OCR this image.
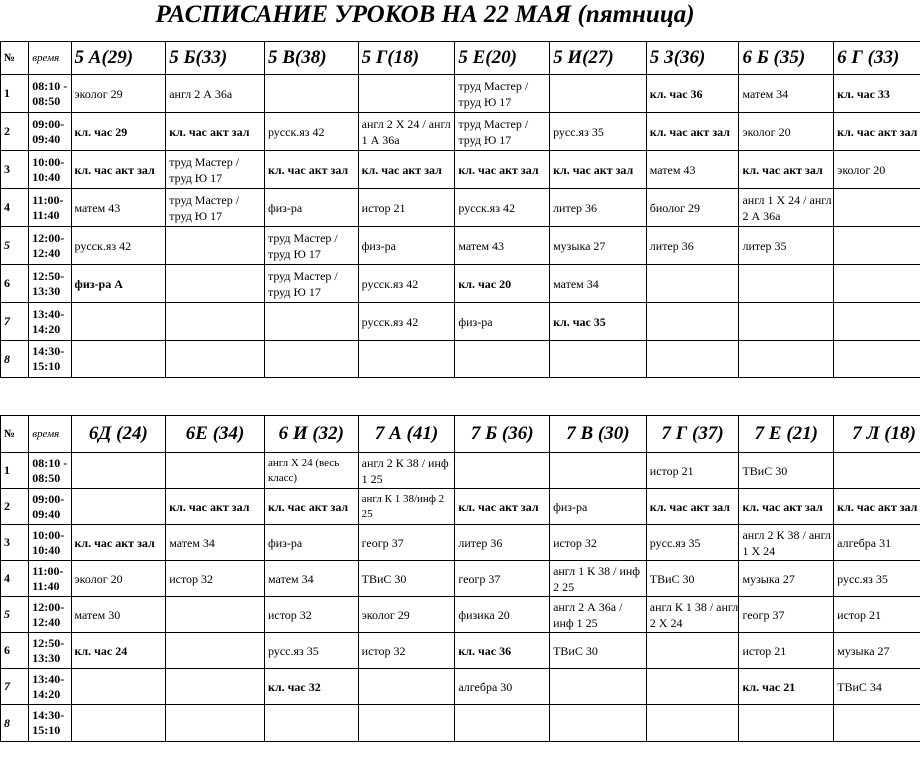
РАСПИСАНИЕ УРОКОВ НА 22 МАЯ (пятница)
№	время	5 А(29)	5 Б(33)	5 В(38)	5 Г(18)	5 Е(20)	5 И(27)	5 З(36)	6 Б (35)	6 Г (33)
1	08:10 - 08:50	эколог 29	англ 2 А 36а			труд Мастер / труд Ю 17		кл. час 36	матем 34	кл. час 33
2	09:00- 09:40	кл. час 29	кл. час акт зал	русск.яз 42	англ 2 Х 24 / англ 1 А 36а	труд Мастер / труд Ю 17	русс.яз 35	кл. час акт зал	эколог 20	кл. час акт зал
3	10:00- 10:40	кл. час акт зал	труд Мастер / труд Ю 17	кл. час акт зал	кл. час акт зал	кл. час акт зал	кл. час акт зал	матем 43	кл. час акт зал	эколог 20
4	11:00- 11:40	матем 43	труд Мастер / труд Ю 17	физ-ра	истор 21	русск.яз 42	литер 36	биолог 29	англ 1 Х 24 / англ 2 А 36а	
5	12:00- 12:40	русск.яз 42		труд Мастер / труд Ю 17	физ-ра	матем 43	музыка 27	литер 36	литер 35	
6	12:50- 13:30	физ-ра А		труд Мастер / труд Ю 17	русск.яз 42	кл. час 20	матем 34			
7	13:40- 14:20				русск.яз 42	физ-ра	кл. час 35			
8	14:30- 15:10									
№	время	6Д (24)	6Е (34)	6 И (32)	7 А (41)	7 Б (36)	7 В (30)	7 Г (37)	7 Е (21)	7 Л (18)
1	08:10 - 08:50			англ Х 24 (весь класс)	англ 2 К 38 / инф 1 25			истор 21	ТВиС 30	
2	09:00- 09:40		кл. час акт зал	кл. час акт зал	англ К 1 38/инф 2 25	кл. час акт зал	физ-ра	кл. час акт зал	кл. час акт зал	кл. час акт зал
3	10:00- 10:40	кл. час акт зал	матем 34	физ-ра	геогр 37	литер 36	истор 32	русс.яз 35	англ 2 К 38 / англ 1 Х 24	алгебра 31
4	11:00- 11:40	эколог 20	истор 32	матем 34	ТВиС 30	геогр 37	англ 1 К 38 / инф 2 25	ТВиС 30	музыка 27	русс.яз 35
5	12:00- 12:40	матем 30		истор 32	эколог 29	физика 20	англ 2 А 36а / инф 1 25	англ К 1 38 / англ 2 Х 24	геогр 37	истор 21
6	12:50- 13:30	кл. час 24		русс.яз 35	истор 32	кл. час 36	ТВиС 30		истор 21	музыка 27
7	13:40- 14:20			кл. час 32		алгебра 30			кл. час 21	ТВиС 34
8	14:30- 15:10									
